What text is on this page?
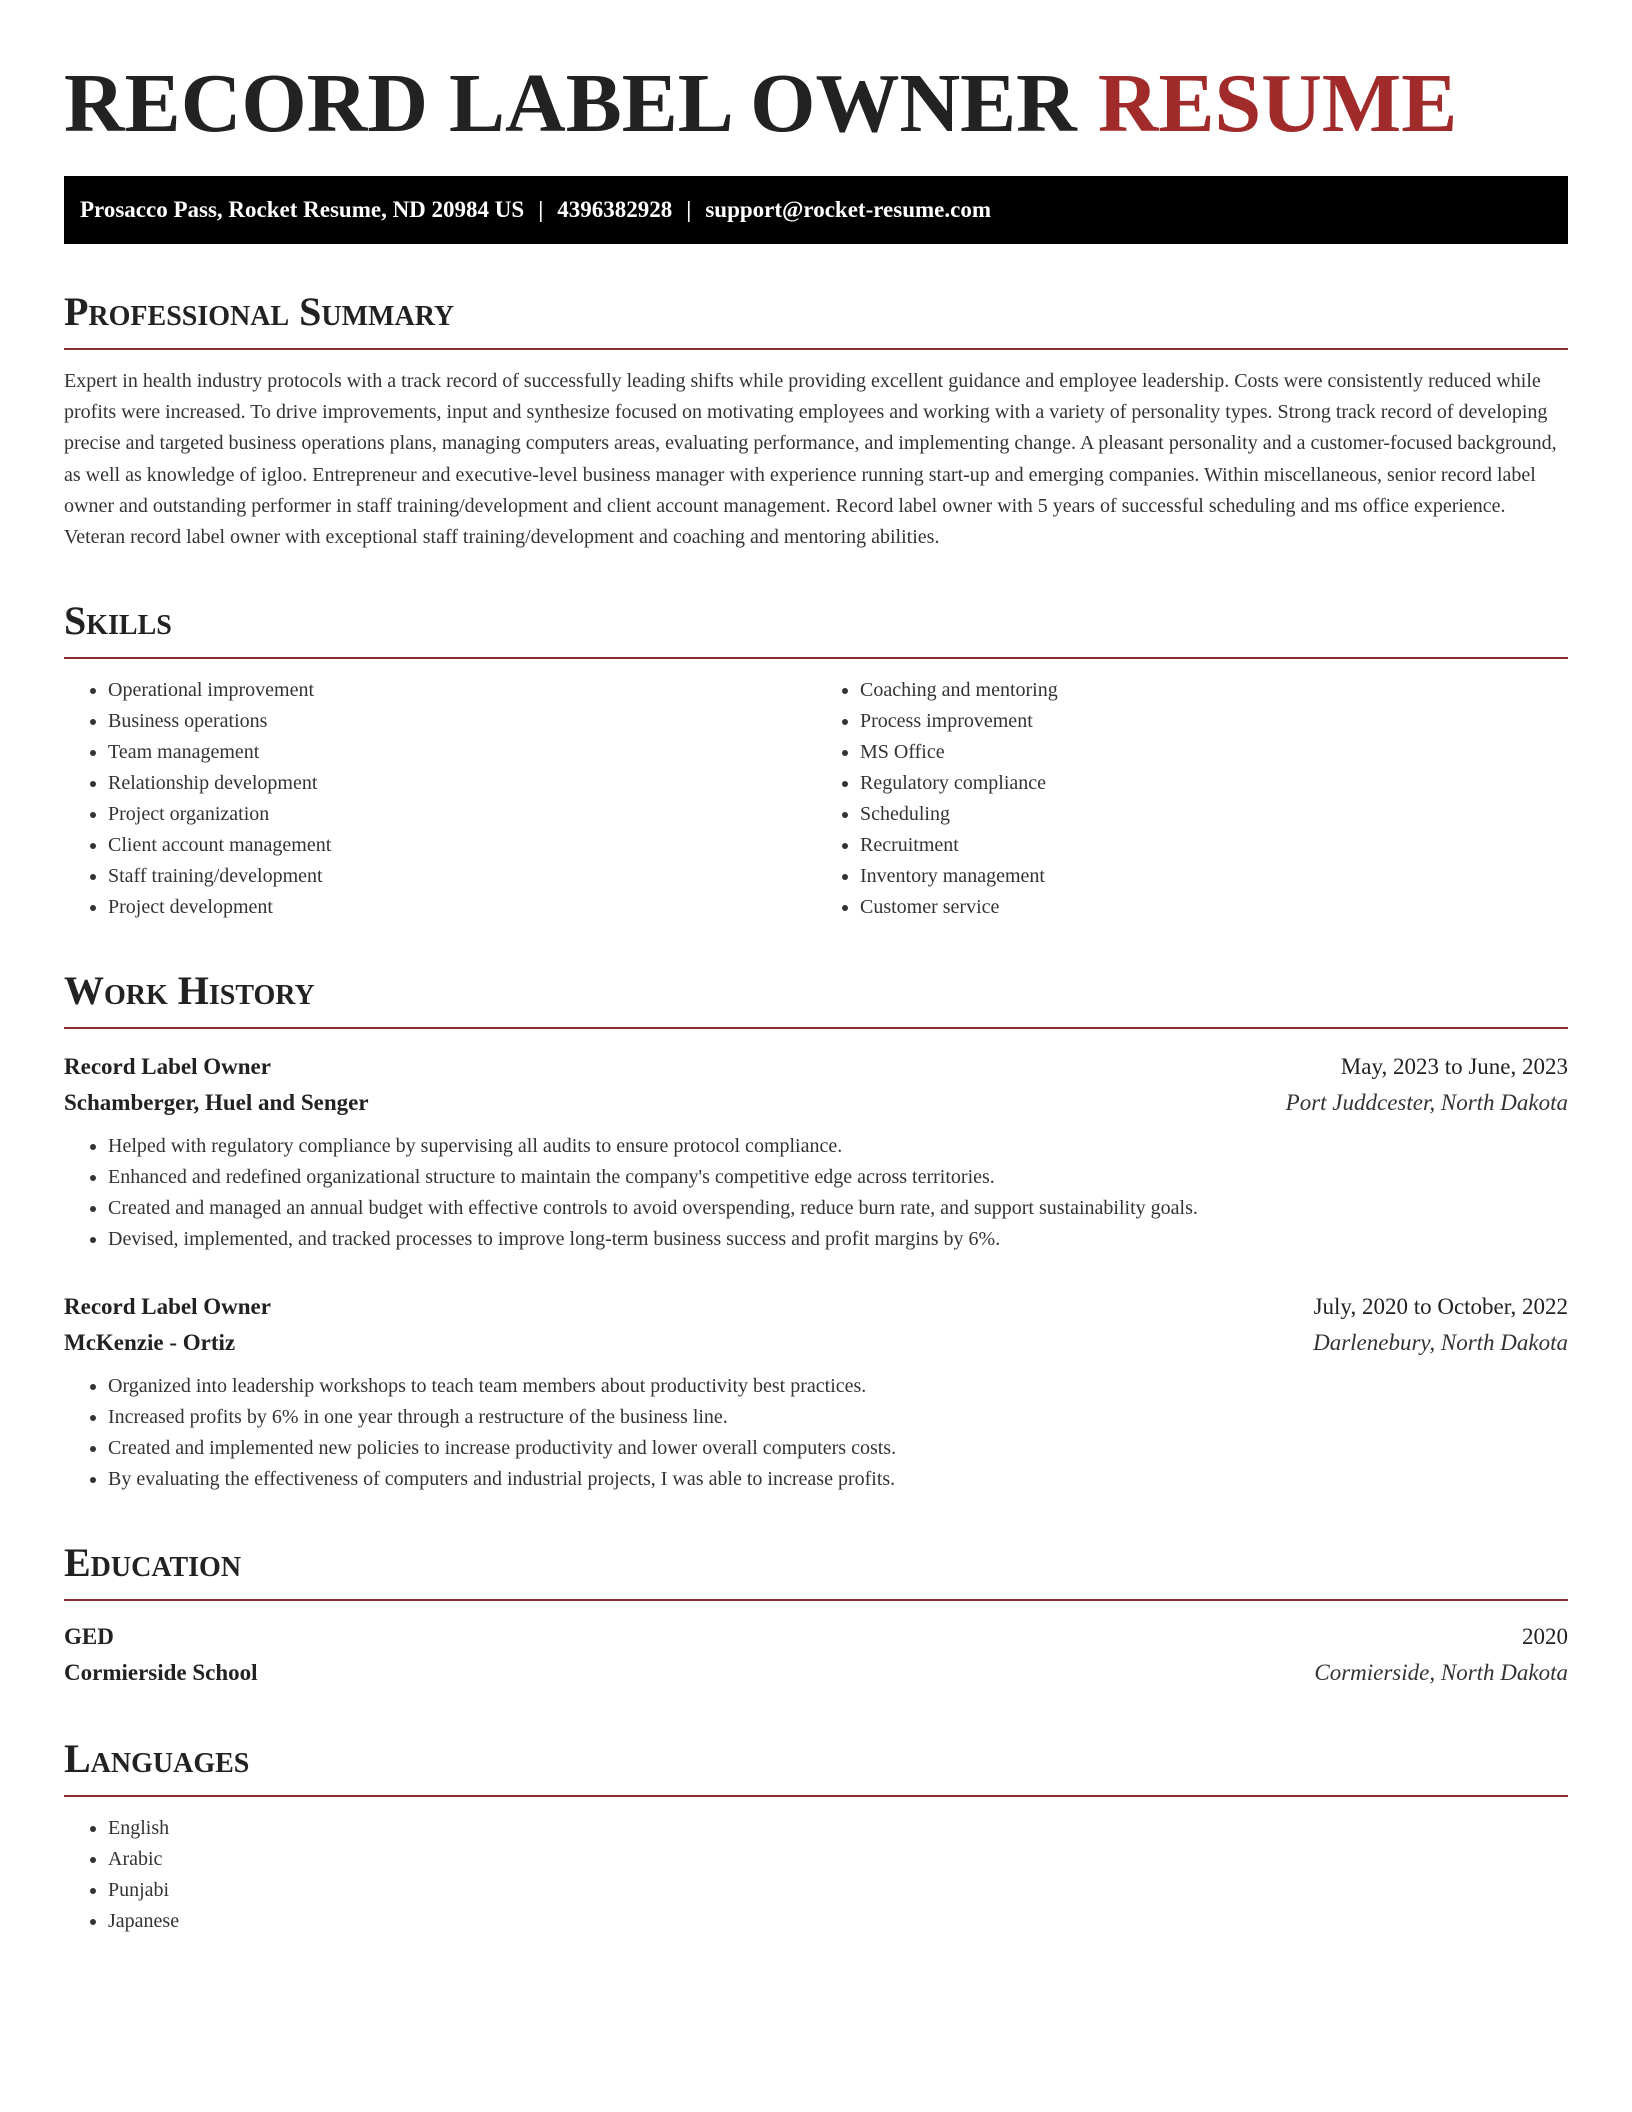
RECORD LABEL OWNER RESUME
Prosacco Pass, Rocket Resume, ND 20984 US | 4396382928 | support@rocket-resume.com
Professional Summary

Expert in health industry protocols with a track record of successfully leading shifts while providing excellent guidance and employee leadership. Costs were consistently reduced while profits were increased. To drive improvements, input and synthesize focused on motivating employees and working with a variety of personality types. Strong track record of developing precise and targeted business operations plans, managing computers areas, evaluating performance, and implementing change. A pleasant personality and a customer-focused background, as well as knowledge of igloo. Entrepreneur and executive-level business manager with experience running start-up and emerging companies. Within miscellaneous, senior record label owner and outstanding performer in staff training/development and client account management. Record label owner with 5 years of successful scheduling and ms office experience. Veteran record label owner with exceptional staff training/development and coaching and mentoring abilities.

Skills
• Operational improvement
• Business operations
• Team management
• Relationship development
• Project organization
• Client account management
• Staff training/development
• Project development
• Coaching and mentoring
• Process improvement
• MS Office
• Regulatory compliance
• Scheduling
• Recruitment
• Inventory management
• Customer service
Work History
Record Label Owner	May, 2023 to June, 2023
Schamberger, Huel and Senger	Port Juddcester, North Dakota
• Helped with regulatory compliance by supervising all audits to ensure protocol compliance.
• Enhanced and redefined organizational structure to maintain the company's competitive edge across territories.
• Created and managed an annual budget with effective controls to avoid overspending, reduce burn rate, and support sustainability goals.
• Devised, implemented, and tracked processes to improve long-term business success and profit margins by 6%.
Record Label Owner	July, 2020 to October, 2022
McKenzie - Ortiz	Darlenebury, North Dakota
• Organized into leadership workshops to teach team members about productivity best practices.
• Increased profits by 6% in one year through a restructure of the business line.
• Created and implemented new policies to increase productivity and lower overall computers costs.
• By evaluating the effectiveness of computers and industrial projects, I was able to increase profits.
Education
GED	2020
Cormierside School	Cormierside, North Dakota
Languages
• English
• Arabic
• Punjabi
• Japanese
